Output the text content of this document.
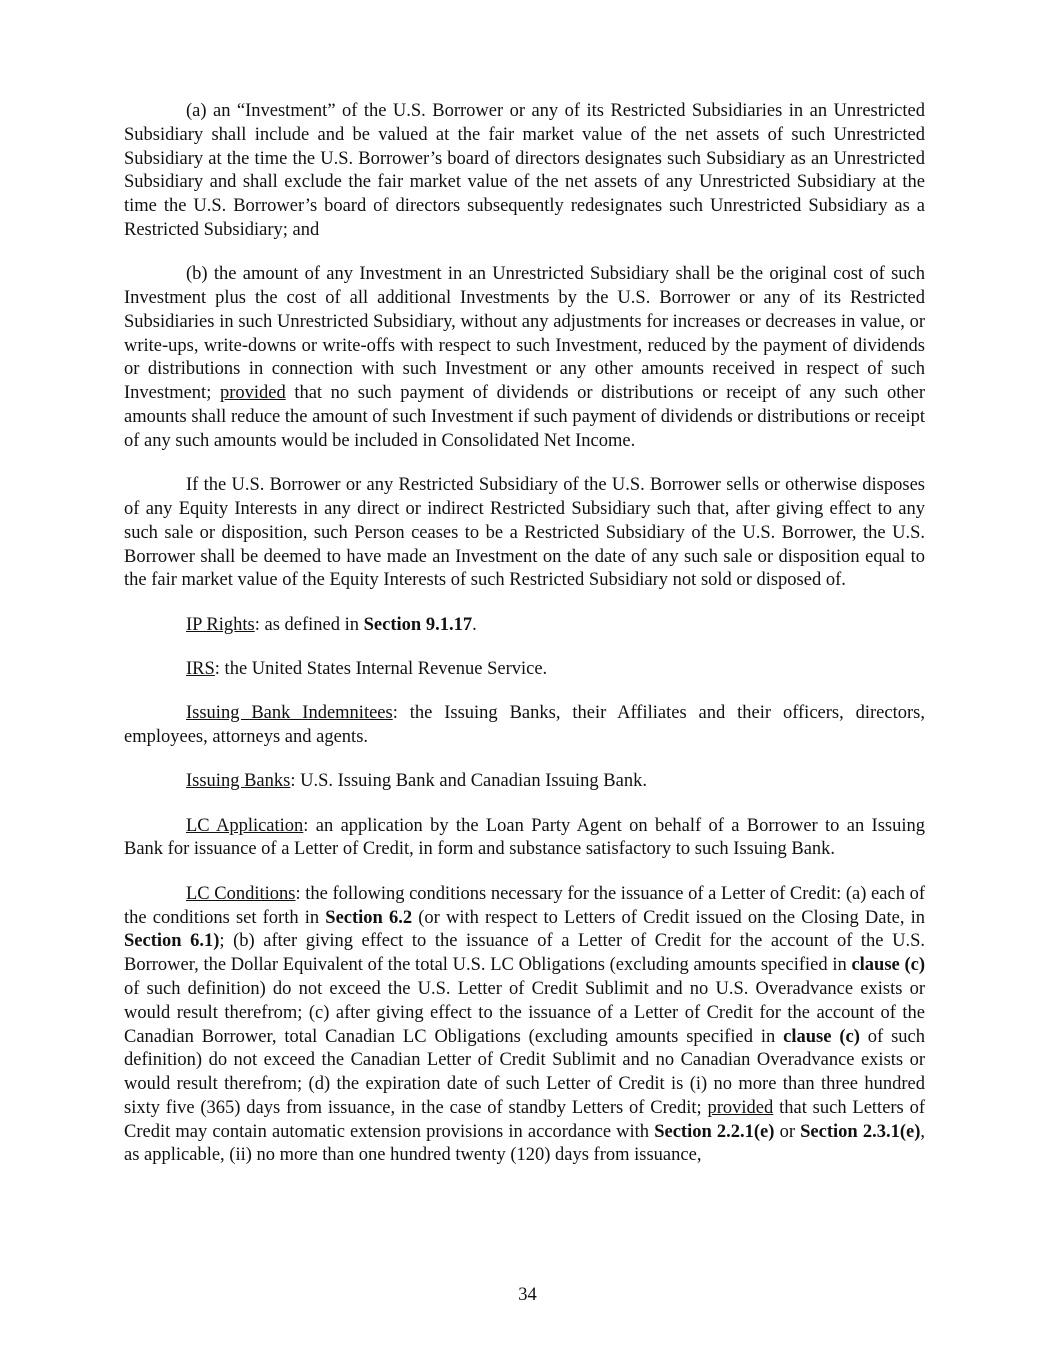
(a) an “Investment” of the U.S. Borrower or any of its Restricted Subsidiaries in an Unrestricted Subsidiary shall include and be valued at the fair market value of the net assets of such Unrestricted Subsidiary at the time the U.S. Borrower’s board of directors designates such Subsidiary as an Unrestricted Subsidiary and shall exclude the fair market value of the net assets of any Unrestricted Subsidiary at the time the U.S. Borrower’s board of directors subsequently redesignates such Unrestricted Subsidiary as a Restricted Subsidiary; and

(b) the amount of any Investment in an Unrestricted Subsidiary shall be the original cost of such Investment plus the cost of all additional Investments by the U.S. Borrower or any of its Restricted Subsidiaries in such Unrestricted Subsidiary, without any adjustments for increases or decreases in value, or write-ups, write-downs or write-offs with respect to such Investment, reduced by the payment of dividends or distributions in connection with such Investment or any other amounts received in respect of such Investment; provided that no such payment of dividends or distributions or receipt of any such other amounts shall reduce the amount of such Investment if such payment of dividends or distributions or receipt of any such amounts would be included in Consolidated Net Income.

If the U.S. Borrower or any Restricted Subsidiary of the U.S. Borrower sells or otherwise disposes of any Equity Interests in any direct or indirect Restricted Subsidiary such that, after giving effect to any such sale or disposition, such Person ceases to be a Restricted Subsidiary of the U.S. Borrower, the U.S. Borrower shall be deemed to have made an Investment on the date of any such sale or disposition equal to the fair market value of the Equity Interests of such Restricted Subsidiary not sold or disposed of.

IP Rights: as defined in Section 9.1.17.

IRS: the United States Internal Revenue Service.

Issuing Bank Indemnitees: the Issuing Banks, their Affiliates and their officers, directors, employees, attorneys and agents.

Issuing Banks: U.S. Issuing Bank and Canadian Issuing Bank.

LC Application: an application by the Loan Party Agent on behalf of a Borrower to an Issuing Bank for issuance of a Letter of Credit, in form and substance satisfactory to such Issuing Bank.

LC Conditions: the following conditions necessary for the issuance of a Letter of Credit: (a) each of the conditions set forth in Section 6.2 (or with respect to Letters of Credit issued on the Closing Date, in Section 6.1); (b) after giving effect to the issuance of a Letter of Credit for the account of the U.S. Borrower, the Dollar Equivalent of the total U.S. LC Obligations (excluding amounts specified in clause (c) of such definition) do not exceed the U.S. Letter of Credit Sublimit and no U.S. Overadvance exists or would result therefrom; (c) after giving effect to the issuance of a Letter of Credit for the account of the Canadian Borrower, total Canadian LC Obligations (excluding amounts specified in clause (c) of such definition) do not exceed the Canadian Letter of Credit Sublimit and no Canadian Overadvance exists or would result therefrom; (d) the expiration date of such Letter of Credit is (i) no more than three hundred sixty five (365) days from issuance, in the case of standby Letters of Credit; provided that such Letters of Credit may contain automatic extension provisions in accordance with Section 2.2.1(e) or Section 2.3.1(e), as applicable, (ii) no more than one hundred twenty (120) days from issuance,

34
